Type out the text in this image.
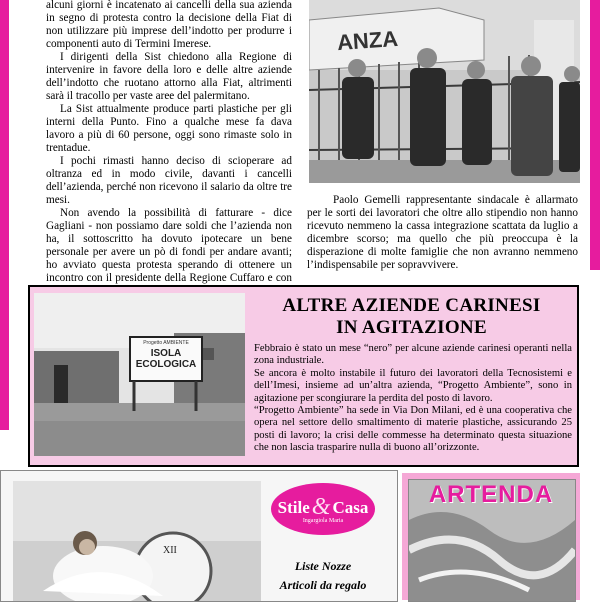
alcuni giorni è incatenato ai cancelli della sua azienda in segno di protesta contro la decisione della Fiat di non utilizzare più imprese dell’indotto per produrre i componenti auto di Termini Imerese.

I dirigenti della Sist chiedono alla Regione di intervenire in favore della loro e delle altre aziende dell’indotto che ruotano attorno alla Fiat, altrimenti sarà il tracollo per vaste aree del palermitano.

La Sist attualmente produce parti plastiche per gli interni della Punto. Fino a qualche mese fa dava lavoro a più di 60 persone, oggi sono rimaste solo in trentadue.

I pochi rimasti hanno deciso di scioperare ad oltranza ed in modo civile, davanti i cancelli dell’azienda, perché non ricevono il salario da oltre tre mesi.

Non avendo la possibilità di fatturare - dice Gagliani - non possiamo dare soldi che l’azienda non ha, il sottoscritto ha dovuto ipotecare un bene personale per avere un pò di fondi per andare avanti; ho avviato questa protesta sperando di ottenere un incontro con il presidente della Regione Cuffaro e con

ANZA

Paolo Gemelli rappresentante sindacale è allarmato per le sorti dei lavoratori che oltre allo stipendio non hanno ricevuto nemmeno la cassa integrazione scattata da luglio a dicembre scorso; ma quello che più preoccupa è la disperazione di molte famiglie che non avranno nemmeno l’indispensabile per sopravvivere.

Progetto AMBIENTE
ISOLA
ECOLOGICA
ALTRE AZIENDE CARINESI
IN AGITAZIONE

Febbraio è stato un mese “nero” per alcune aziende carinesi operanti nella zona industriale.

Se ancora è molto instabile il futuro dei lavoratori della Tecnosistemi e dell’Imesi, insieme ad un’altra azienda, “Progetto Ambiente”, sono in agitazione per scongiurare la perdita del posto di lavoro.

“Progetto Ambiente” ha sede in Via Don Milani, ed è una cooperativa che opera nel settore dello smaltimento di materie plastiche, assicurando 25 posti di lavoro; la crisi delle commesse ha determinato questa situazione che non lascia trasparire nulla di buono all’orizzonte.

XII
Stile & Casa
Ingargiola Maria
Liste Nozze
Articoli da regalo
ARTENDA
